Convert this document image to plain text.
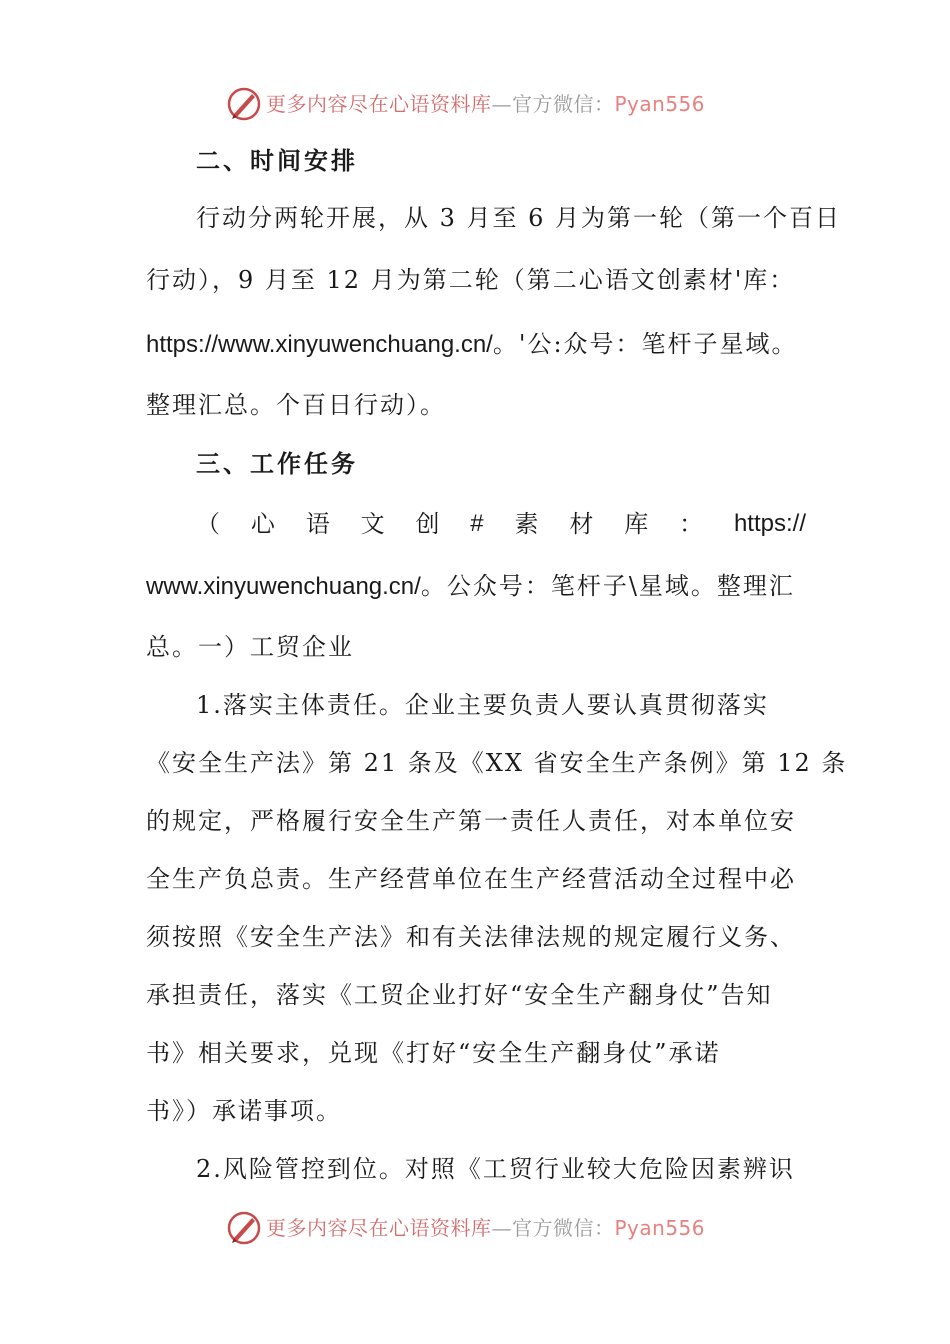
更多内容尽在心语资料库—官方微信：Pyan556
二、时间安排
行动分两轮开展，从 3 月至 6 月为第一轮（第一个百日
行动），9 月至 12 月为第二轮（第二心语文创素材'库：
https://www.xinyuwenchuang.cn/。'公:众号：笔杆子星域。
整理汇总。个百日行动）。
三、工作任务
（ 心 语 文 创 # 素 材 库 ： https://
www.xinyuwenchuang.cn/。公众号：笔杆子\星域。整理汇
总。一）工贸企业
1.落实主体责任。企业主要负责人要认真贯彻落实
《安全生产法》第 21 条及《XX 省安全生产条例》第 12 条
的规定，严格履行安全生产第一责任人责任，对本单位安
全生产负总责。生产经营单位在生产经营活动全过程中必
须按照《安全生产法》和有关法律法规的规定履行义务、
承担责任，落实《工贸企业打好“安全生产翻身仗”告知
书》相关要求，兑现《打好“安全生产翻身仗”承诺
书》）承诺事项。
2.风险管控到位。对照《工贸行业较大危险因素辨识
更多内容尽在心语资料库—官方微信：Pyan556
